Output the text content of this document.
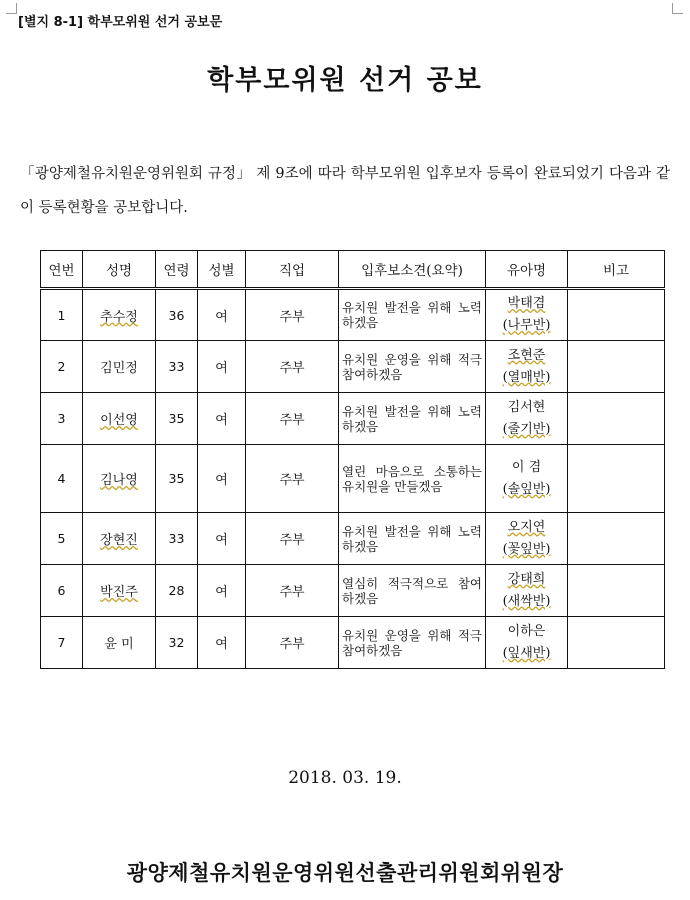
[별지 8-1] 학부모위원 선거 공보문
학부모위원 선거 공보
「광양제철유치원운영위원회 규정」 제 9조에 따라 학부모위원 입후보자 등록이 완료되었기 다음과 같이 등록현황을 공보합니다.
연번	성명	연령	성별	직업	입후보소견(요약)	유아명	비고
1	추수정	36	여	주부	유치원 발전을 위해 노력하겠음	박태겸
(나무반)	

2	김민정	33	여	주부	유치원 운영을 위해 적극 참여하겠음	조현준
(열매반)	

3	이선영	35	여	주부	유치원 발전을 위해 노력하겠음	김서현
(줄기반)	

4	김나영	35	여	주부	열린 마음으로 소통하는 유치원을 만들겠음	이 겸
(솔잎반)	

5	장현진	33	여	주부	유치원 발전을 위해 노력하겠음	오지연
(꽃잎반)	

6	박진주	28	여	주부	열심히 적극적으로 참여하겠음	강태희
(새싹반)	

7	윤 미	32	여	주부	유치원 운영을 위해 적극 참여하겠음	이하은
(잎새반)	

2018. 03. 19.
광양제철유치원운영위원선출관리위원회위원장
